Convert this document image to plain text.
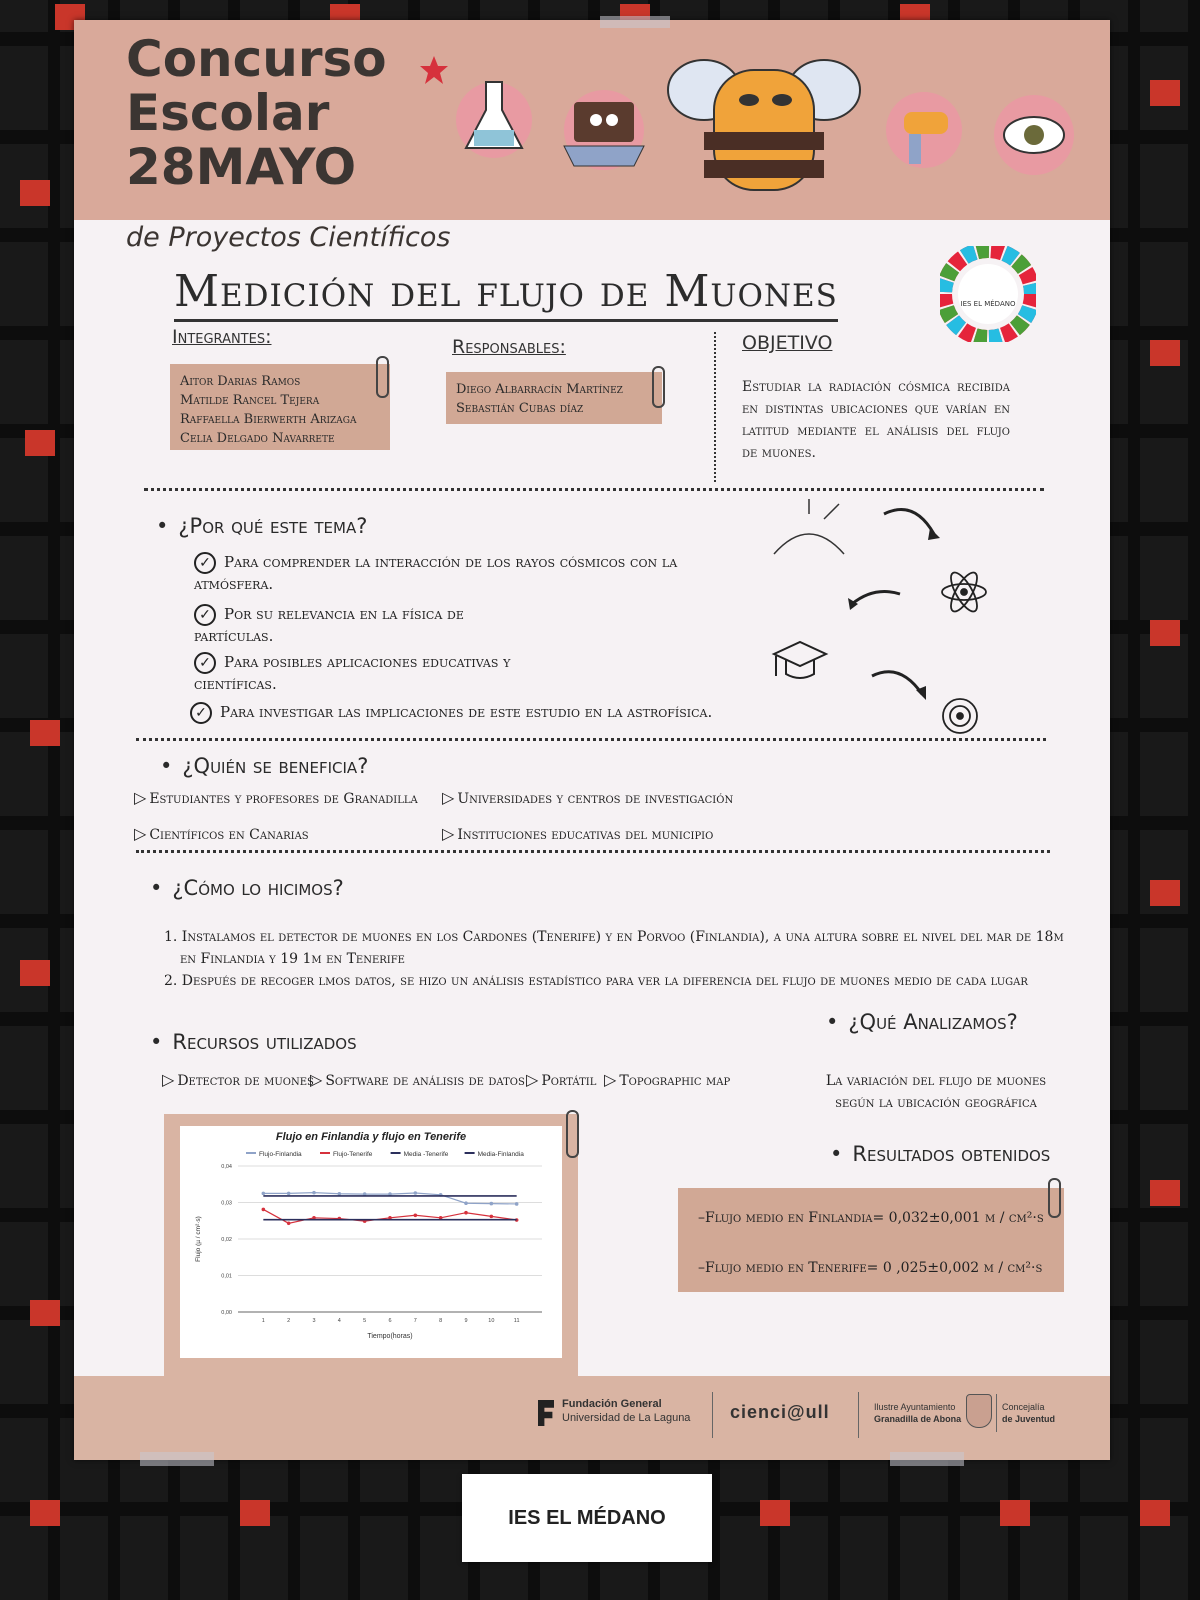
Concurso
Escolar
28MAYO
de Proyectos Científicos
Medición del flujo de Muones	IES EL MÉDANO
Integrantes:
Aitor Darias Ramos
Matilde Rancel Tejera
Raffaella Bierwerth Arizaga
Celia Delgado Navarrete
Responsables:
Diego Albarracín Martínez
Sebastián Cubas díaz
OBJETIVO
Estudiar la radiación cósmica recibida en distintas ubicaciones que varían en latitud mediante el análisis del flujo de muones.
• ¿Por qué este tema?
✓ Para comprender la interacción de los rayos cósmicos con la atmósfera.
✓ Por su relevancia en la física de partículas.
✓ Para posibles aplicaciones educativas y científicas.
✓ Para investigar las implicaciones de este estudio en la astrofísica.
• ¿Quién se beneficia?
▷ Estudiantes y profesores de Granadilla ▷ Universidades y centros de investigación
▷ Científicos en Canarias	▷ Instituciones educativas del municipio
• ¿Cómo lo hicimos?
1. Instalamos el detector de muones en los Cardones (Tenerife) y en Porvoo (Finlandia), a una altura sobre el nivel del mar de 18m en Finlandia y 19 1m en Tenerife
2. Después de recoger lmos datos, se hizo un análisis estadístico para ver la diferencia del flujo de muones medio de cada lugar
• ¿Qué Analizamos?
La variación del flujo de muones según la ubicación geográfica
• Recursos utilizados
▷ Detector de muones
▷ Software de análisis de datos ▷ Portátil ▷ Topographic map
Flujo en Finlandia y flujo en Tenerife
Flujo-Finlandia	Flujo-Tenerife	Media -Tenerife	Media-Finlandia
0,00
0,01
0,02
0,03
0,04
1	2	3	4	5	6	7	8	9	10	11
Tiempo(horas)
Flujo (µ / cm²·s)
• Resultados obtenidos
–Flujo medio en Finlandia= 0,032±0,001 µ / cm²·s
–Flujo medio en Tenerife= 0 ,025±0,002 µ / cm²·s
Fundación General
Universidad de La Laguna cienci@ull	Ilustre Ayuntamiento
Granadilla de Abona
Concejalía
de Juventud
IES EL MÉDANO
